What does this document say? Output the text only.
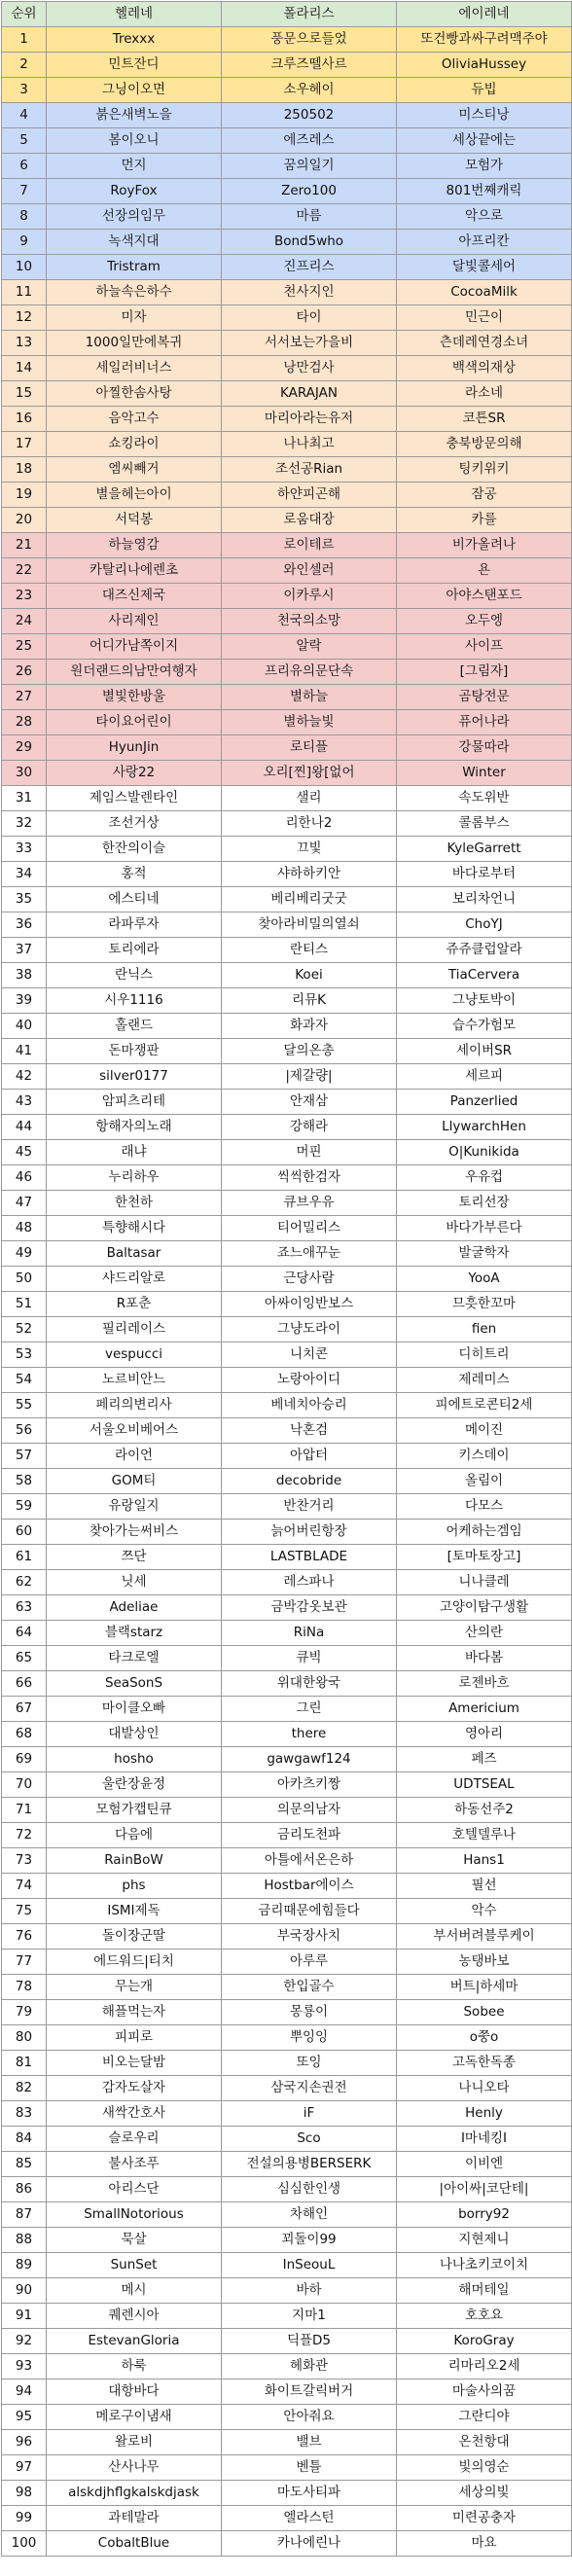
순위	헬레네	폴라리스	에이레네
1	Trexxx	풍문으로들었	또건빵과싸구려맥주야
2	민트잔디	크루즈뗄사르	OliviaHussey
3	그닝이오면	소우헤이	듀빕
4	붉은새벽노을	250502	미스티낭
5	봄이오니	에즈레스	세상끝에는
6	먼지	꿈의일기	모험가
7	RoyFox	Zero100	801번째캐릭
8	선장의임무	마름	악으로
9	녹색지대	Bond5who	아프리칸
10	Tristram	진프리스	달빛콜세어
11	하늘속은하수	천사지인	CocoaMilk
12	미자	타이	민근이
13	1000일만에복귀	서서보는가을비	츤데레연경소녀
14	세일러비너스	낭만검사	백색의재상
15	아찔한솜사탕	KARAJAN	라소네
16	음악고수	마리아라는유저	코튼SR
17	쇼킹라이	나나최고	충북방문의해
18	엠씨빼거	조선공Rian	팅키위키
19	별을헤는아이	하얀피곤해	잠공
20	서덕봉	로움대장	카를
21	하늘영감	로이테르	비가올려나
22	카탈리나에렌초	와인셀러	욘
23	대즈신제국	이카루시	아야스탠포드
24	사리제인	천국의소망	오두엥
25	어디가남쪽이지	알락	사이프
26	원더랜드의남만여행자	프리유의문단속	[그림자]
27	별빛한방울	별하늘	곰탕전문
28	타이요어린이	별하늘빛	퓨어나라
29	HyunJin	로티플	강물따라
30	사랑22	오리[찐]왕[없어	Winter
31	제임스발렌타인	샐리	속도위반
32	조선거상	리한나2	콜롬부스
33	한잔의이슬	끄빛	KyleGarrett
34	홍적	샤하하키안	바다로부터
35	에스티네	베리베리굿굿	보리차언니
36	라파루자	찾아라비밀의열쇠	ChoYJ
37	토리에라	란티스	쥬쥬클럽알라
38	란닉스	Koei	TiaCervera
39	시우1116	리뮤K	그냥토박이
40	홀랜드	화과자	습수가험모
41	돈마쟁판	달의온총	세이버SR
42	silver0177	|제갈량|	세르피
43	암피츠리테	안재삼	Panzerlied
44	항해자의노래	강해라	LlywarchHen
45	래냐	머핀	O|Kunikida
46	누리하우	씩씩한검자	우유컵
47	한천하	큐브우유	토리선장
48	특향해시다	티어밀리스	바다가부른다
49	Baltasar	죠느애꾸눈	발굴학자
50	샤드리알로	근당사람	YooA
51	R포춘	아싸이잉반보스	므흣한꼬마
52	필리레이스	그냥도라이	fien
53	vespucci	니치콘	디히트리
54	노르비안느	노랑아이디	제레미스
55	페리의변리사	베네치아승리	피에트로콘티2세
56	서울오비베어스	낙혼검	메이진
57	라이언	아압터	키스데이
58	GOM티	decobride	올림이
59	유랑일지	반찬거리	다모스
60	찾아가는써비스	늙어버린항장	어케하는겜임
61	쯔단	LASTBLADE	[토마토장고]
62	닛세	레스파나	니나클레
63	Adeliae	금박감옷보관	고양이탐구생활
64	블랙starz	RiNa	산의란
65	타크로엘	큐빅	바다봄
66	SeaSonS	위대한왕국	로젠바흐
67	마이클오빠	그린	Americium
68	대발상인	there	영아리
69	hosho	gawgawf124	페즈
70	울란장윤정	아카츠키짱	UDTSEAL
71	모험가캡틴큐	의문의남자	하동선주2
72	다음에	금리도천파	호텔델루나
73	RainBoW	아틀에서온은하	Hans1
74	phs	Hostbar에이스	필선
75	ISMI제독	금리때문에힘들다	악수
76	돌이장군딸	부국장사치	부서버려블루케이
77	에드워드|티치	아루루	농탱바보
78	무는개	한입골수	버트|하세마
79	해플먹는자	몽룡이	Sobee
80	피피로	뿌잉잉	o쭝o
81	비오는달밤	또잉	고독한독종
82	감자도살자	삼국지손권전	나니오타
83	새싹간호사	iF	Henly
84	슬로우리	Sco	I마네킹I
85	불사조푸	전설의용병BERSERK	이비엔
86	아리스단	심심한인생	|아이싸|코단테|
87	SmallNotorious	차해인	borry92
88	묵살	꾀돌이99	지현제니
89	SunSet	InSeouL	나나초키코이치
90	메시	바하	해머테일
91	퀘렌시아	지마1	호호요
92	EstevanGloria	딕플D5	KoroGray
93	하룩	헤화관	리마리오2세
94	대항바다	화이트갈릭버거	마술사의꿈
95	메로구이냄새	안아줘요	그란디야
96	왈로비	밸브	온천항대
97	산사나무	벤틀	빛의영순
98	alskdjhflgkalskdjask	마도사티파	세상의빛
99	과테말라	엘라스턴	미련공충자
100	CobaltBlue	카나에린나	마요
